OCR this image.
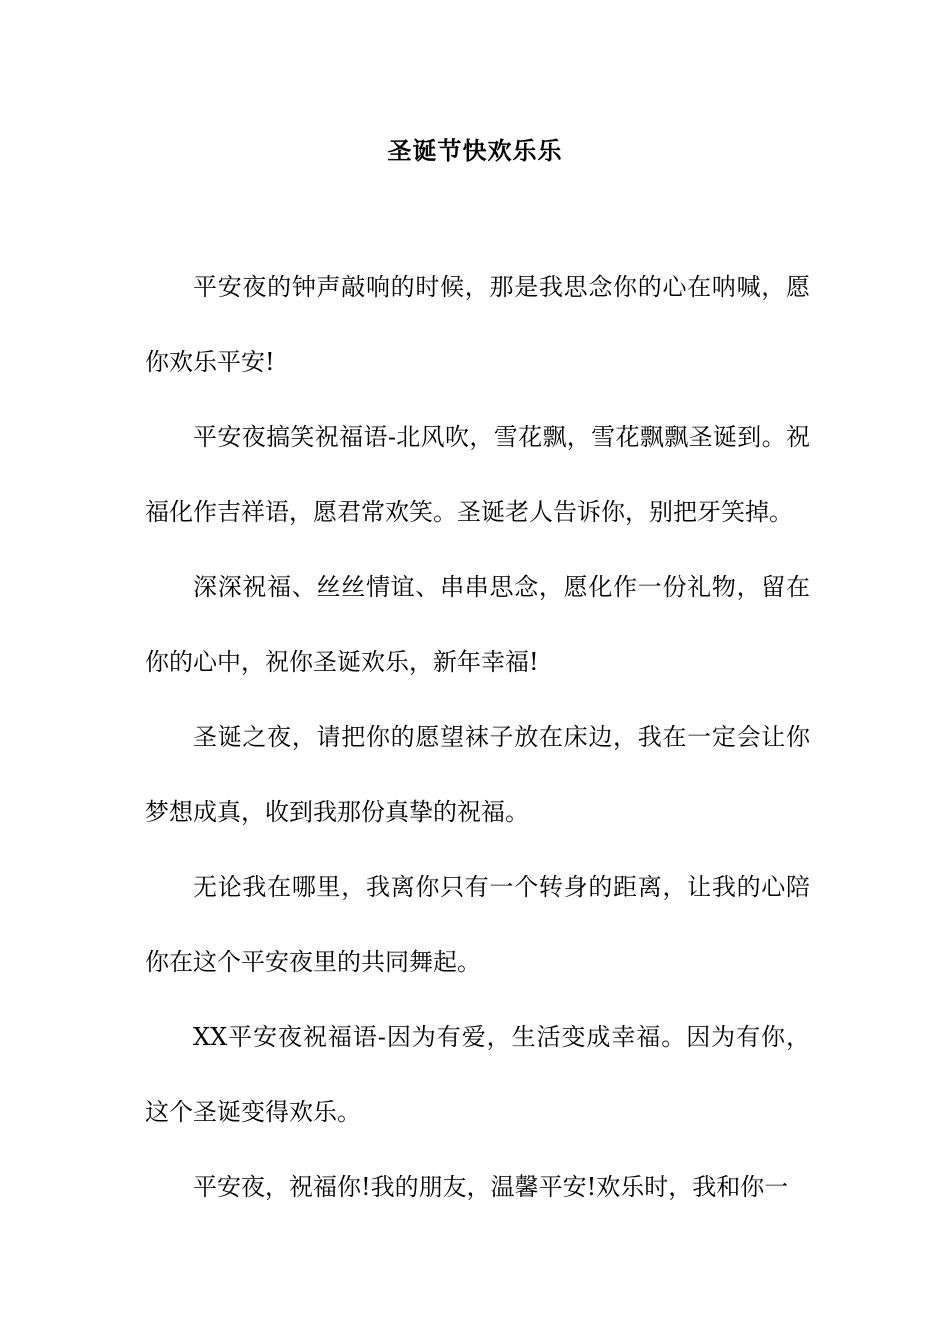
圣诞节快欢乐乐

平安夜的钟声敲响的时候，那是我思念你的心在呐喊，愿你欢乐平安!

平安夜搞笑祝福语-北风吹，雪花飘，雪花飘飘圣诞到。祝福化作吉祥语，愿君常欢笑。圣诞老人告诉你，别把牙笑掉。

深深祝福、丝丝情谊、串串思念，愿化作一份礼物，留在你的心中，祝你圣诞欢乐，新年幸福!

圣诞之夜，请把你的愿望袜子放在床边，我在一定会让你梦想成真，收到我那份真挚的祝福。

无论我在哪里，我离你只有一个转身的距离，让我的心陪你在这个平安夜里的共同舞起。

XX平安夜祝福语-因为有爱，生活变成幸福。因为有你，这个圣诞变得欢乐。

平安夜，祝福你!我的朋友，温馨平安!欢乐时，我和你一
